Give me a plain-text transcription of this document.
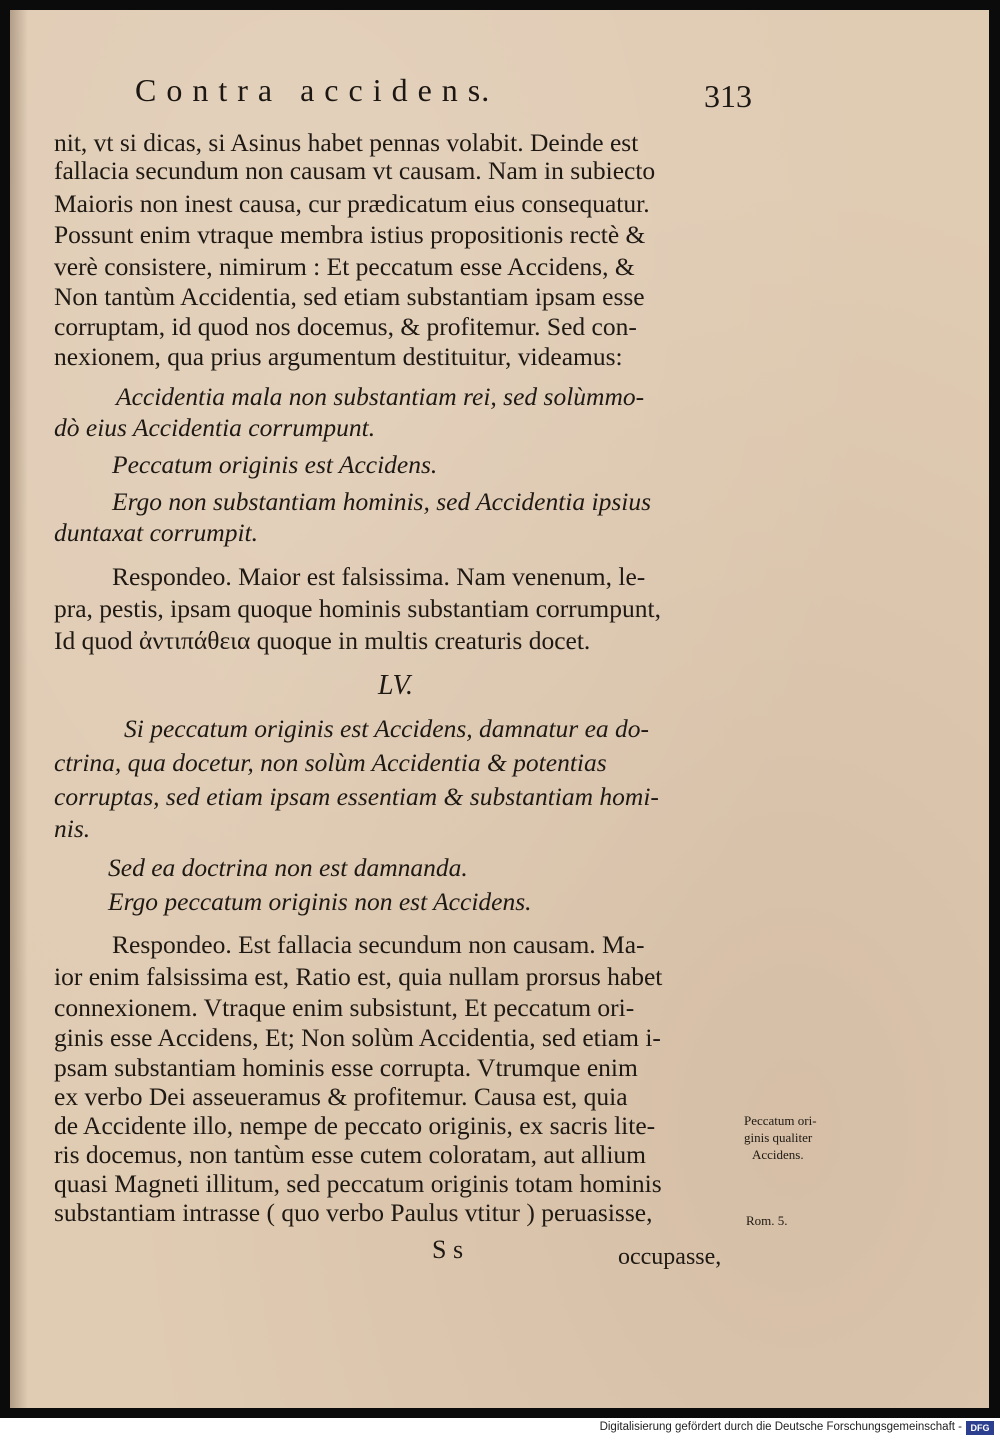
C o n t r a   a c c i d e n s.	313
nit, vt si dicas, si Asinus habet pennas volabit. Deinde est
fallacia secundum non causam vt causam. Nam in subiecto
Maioris non inest causa, cur prædicatum eius consequatur.
Possunt enim vtraque membra istius propositionis rectè &
verè consistere, nimirum : Et peccatum esse Accidens, &
Non tantùm Accidentia, sed etiam substantiam ipsam esse
corruptam, id quod nos docemus, & profitemur. Sed con-
nexionem, qua prius argumentum destituitur, videamus:
Accidentia mala non substantiam rei, sed solùmmo-
dò eius Accidentia corrumpunt.
Peccatum originis est Accidens.
Ergo non substantiam hominis, sed Accidentia ipsius
duntaxat corrumpit.
Respondeo. Maior est falsissima. Nam venenum, le-
pra, pestis, ipsam quoque hominis substantiam corrumpunt,
Id quod ἀντιπάθεια quoque in multis creaturis docet.
LV.
Si peccatum originis est Accidens, damnatur ea do-
ctrina, qua docetur, non solùm Accidentia & potentias
corruptas, sed etiam ipsam essentiam & substantiam homi-
nis.
Sed ea doctrina non est damnanda.
Ergo peccatum originis non est Accidens.
Respondeo. Est fallacia secundum non causam. Ma-
ior enim falsissima est, Ratio est, quia nullam prorsus habet
connexionem. Vtraque enim subsistunt, Et peccatum ori-
ginis esse Accidens, Et; Non solùm Accidentia, sed etiam i-
psam substantiam hominis esse corrupta. Vtrumque enim
ex verbo Dei asseueramus & profitemur. Causa est, quia
de Accidente illo, nempe de peccato originis, ex sacris lite-
ris docemus, non tantùm esse cutem coloratam, aut allium
quasi Magneti illitum, sed peccatum originis totam hominis
substantiam intrasse ( quo verbo Paulus vtitur ) peruasisse,
Peccatum ori-
ginis qualiter
Accidens.
Rom. 5.
S s	occupasse,
Digitalisierung gefördert durch die Deutsche Forschungsgemeinschaft - DFG
